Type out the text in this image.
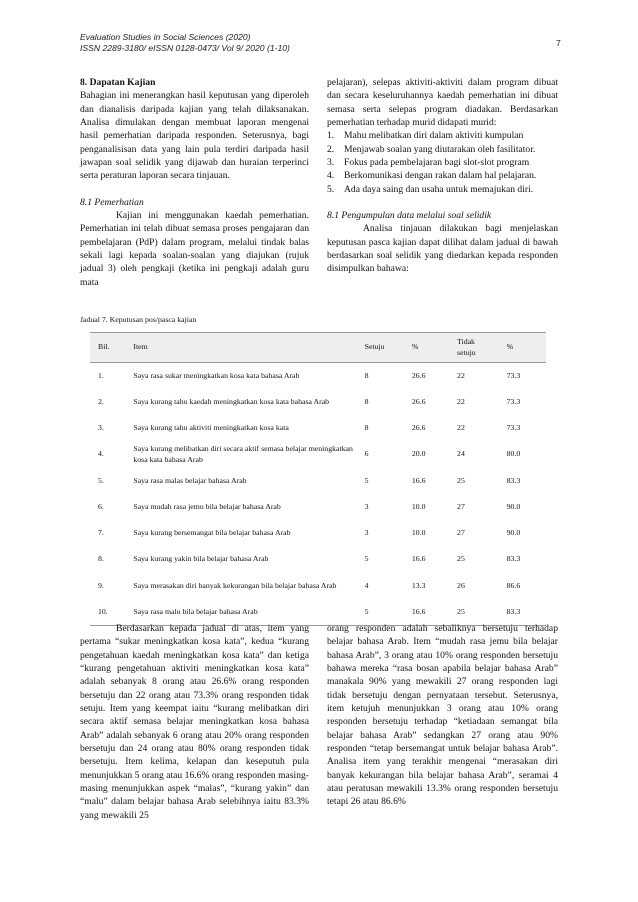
Evaluation Studies in Social Sciences (2020)
ISSN 2289-3180/ eISSN 0128-0473/ Vol 9/ 2020 (1-10)	7

8. Dapatan Kajian

Bahagian ini menerangkan hasil keputusan yang diperoleh dan dianalisis daripada kajian yang telah dilaksanakan. Analisa dimulakan dengan membuat laporan mengenai hasil pemerhatian daripada responden. Seterusnya, bagi penganalisisan data yang lain pula terdiri daripada hasil jawapan soal selidik yang dijawab dan huraian terperinci serta peraturan laporan secara tinjauan.

8.1 Pemerhatian

Kajian ini menggunakan kaedah pemerhatian. Pemerhatian ini telah dibuat semasa proses pengajaran dan pembelajaran (PdP) dalam program, melalui tindak balas sekali lagi kepada soalan-soalan yang diajukan (rujuk jadual 3) oleh pengkaji (ketika ini pengkaji adalah guru mata

pelajaran), selepas aktiviti-aktiviti dalam program dibuat dan secara keseluruhannya kaedah pemerhatian ini dibuat semasa serta selepas program diadakan. Berdasarkan pemerhatian terhadap murid didapati murid:

1.	Mahu melibatkan diri dalam aktiviti kumpulan
2.	Menjawab soalan yang diutarakan oleh fasilitator.
3.	Fokus pada pembelajaran bagi slot-slot program
4.	Berkomunikasi dengan rakan dalam hal pelajaran.
5.	Ada daya saing dan usaha untuk memajukan diri.

8.1 Pengumpulan data melalui soal selidik

Analisa tinjauan dilakukan bagi menjelaskan keputusan pasca kajian dapat dilihat dalam jadual di bawah berdasarkan soal selidik yang diedarkan kepada responden disimpulkan bahawa:

Jadual 7. Keputusan pos/pasca kajian
Bil.	Item	Setuju	%	Tidak setuju	%
1.	Saya rasa sukar meningkatkan kosa kata bahasa Arab	8	26.6	22	73.3
2.	Saya kurang tahu kaedah meningkatkan kosa kata bahasa Arab	8	26.6	22	73.3
3.	Saya kurang tahu aktiviti meningkatkan kosa kata	8	26.6	22	73.3
4.	Saya kurang melibatkan diri secara aktif semasa belajar meningkatkan kosa kata bahasa Arab	6	20.0	24	80.0
5.	Saya rasa malas belajar bahasa Arab	5	16.6	25	83.3
6.	Saya mudah rasa jemu bila belajar bahasa Arab	3	10.0	27	90.0
7.	Saya kurang bersemangat bila belajar bahasa Arab	3	10.0	27	90.0
8.	Saya kurang yakin bila belajar bahasa Arab	5	16.6	25	83.3
9.	Saya merasakan diri banyak kekurangan bila belajar bahasa Arab	4	13.3	26	86.6
10.	Saya rasa malu bila belajar bahasa Arab	5	16.6	25	83.3

Berdasarkan kepada jadual di atas, item yang pertama “sukar meningkatkan kosa kata”, kedua “kurang pengetahuan kaedah meningkatkan kosa kata” dan ketiga “kurang pengetahuan aktiviti meningkatkan kosa kata” adalah sebanyak 8 orang atau 26.6% orang responden bersetuju dan 22 orang atau 73.3% orang responden tidak setuju. Item yang keempat iaitu “kurang melibatkan diri secara aktif semasa belajar meningkatkan kosa bahasa Arab” adalah sebanyak 6 orang atau 20% orang responden bersetuju dan 24 orang atau 80% orang responden tidak bersetuju. Item kelima, kelapan dan keseputuh pula menunjukkan 5 orang atau 16.6% orang responden masing-masing menunjukkan aspek “malas”, “kurang yakin” dan “malu” dalam belajar bahasa Arab selebihnya iaitu 83.3% yang mewakili 25

orang responden adalah sebaliknya bersetuju terhadap belajar bahasa Arab. Item “mudah rasa jemu bila belajar bahasa Arab”, 3 orang atau 10% orang responden bersetuju bahawa mereka “rasa bosan apabila belajar bahasa Arab” manakala 90% yang mewakili 27 orang responden lagi tidak bersetuju dengan pernyataan tersebut. Seterusnya, item ketujuh menunjukkan 3 orang atau 10% orang responden bersetuju terhadap “ketiadaan semangat bila belajar bahasa Arab” sedangkan 27 orang atau 90% responden “tetap bersemangat untuk belajar bahasa Arab”. Analisa item yang terakhir mengenai “merasakan diri banyak kekurangan bila belajar bahasa Arab”, seramai 4 atau peratusan mewakili 13.3% orang responden bersetuju tetapi 26 atau 86.6%
